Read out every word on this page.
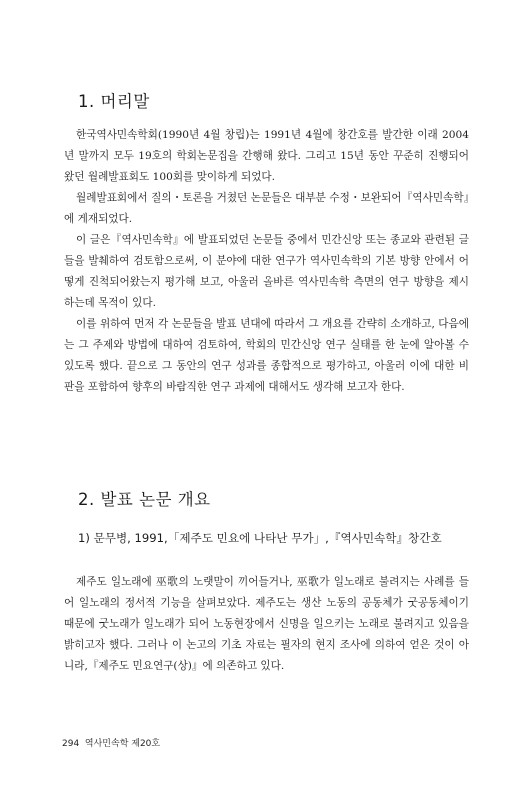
1. 머리말

한국역사민속학회(1990년 4월 창립)는 1991년 4월에 창간호를 발간한 이래 2004년 말까지 모두 19호의 학회논문집을 간행해 왔다. 그리고 15년 동안 꾸준히 진행되어 왔던 월례발표회도 100회를 맞이하게 되었다.

월례발표회에서 질의・토론을 거쳤던 논문들은 대부분 수정・보완되어『역사민속학』에 게재되었다.

이 글은『역사민속학』에 발표되었던 논문들 중에서 민간신앙 또는 종교와 관련된 글들을 발췌하여 검토함으로써, 이 분야에 대한 연구가 역사민속학의 기본 방향 안에서 어떻게 진척되어왔는지 평가해 보고, 아울러 올바른 역사민속학 측면의 연구 방향을 제시하는데 목적이 있다.

이를 위하여 먼저 각 논문들을 발표 년대에 따라서 그 개요를 간략히 소개하고, 다음에는 그 주제와 방법에 대하여 검토하여, 학회의 민간신앙 연구 실태를 한 눈에 알아볼 수 있도록 했다. 끝으로 그 동안의 연구 성과를 종합적으로 평가하고, 아울러 이에 대한 비판을 포함하여 향후의 바람직한 연구 과제에 대해서도 생각해 보고자 한다.

2. 발표 논문 개요
1) 문무병, 1991,「제주도 민요에 나타난 무가」,『역사민속학』창간호

제주도 일노래에 巫歌의 노랫말이 끼어들거나, 巫歌가 일노래로 불려지는 사례를 들어 일노래의 정서적 기능을 살펴보았다. 제주도는 생산 노동의 공동체가 굿공동체이기 때문에 굿노래가 일노래가 되어 노동현장에서 신명을 일으키는 노래로 불려지고 있음을 밝히고자 했다. 그러나 이 논고의 기초 자료는 필자의 현지 조사에 의하여 얻은 것이 아니라,『제주도 민요연구(상)』에 의존하고 있다.

294 역사민속학 제20호
